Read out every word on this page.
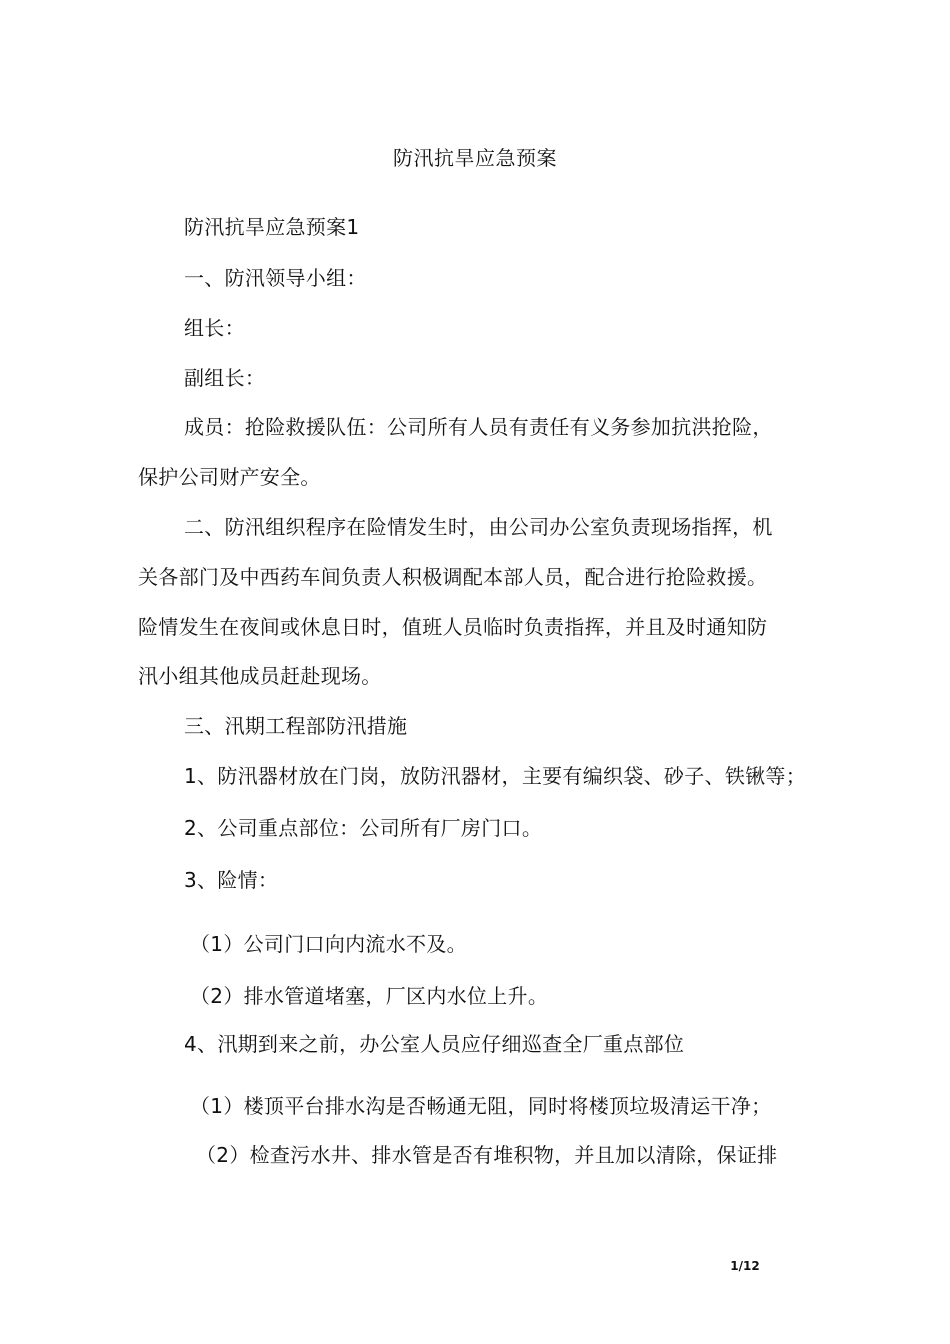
防汛抗旱应急预案
防汛抗旱应急预案1
一、防汛领导小组：
组长：
副组长：
成员：抢险救援队伍：公司所有人员有责任有义务参加抗洪抢险，
保护公司财产安全。
二、防汛组织程序在险情发生时，由公司办公室负责现场指挥，机
关各部门及中西药车间负责人积极调配本部人员，配合进行抢险救援。
险情发生在夜间或休息日时，值班人员临时负责指挥，并且及时通知防
汛小组其他成员赶赴现场。
三、汛期工程部防汛措施
1、防汛器材放在门岗，放防汛器材，主要有编织袋、砂子、铁锹等；
2、公司重点部位：公司所有厂房门口。
3、险情：
（1）公司门口向内流水不及。
（2）排水管道堵塞，厂区内水位上升。
4、汛期到来之前，办公室人员应仔细巡查全厂重点部位
（1）楼顶平台排水沟是否畅通无阻，同时将楼顶垃圾清运干净；
（2）检查污水井、排水管是否有堆积物，并且加以清除，保证排
1/12
